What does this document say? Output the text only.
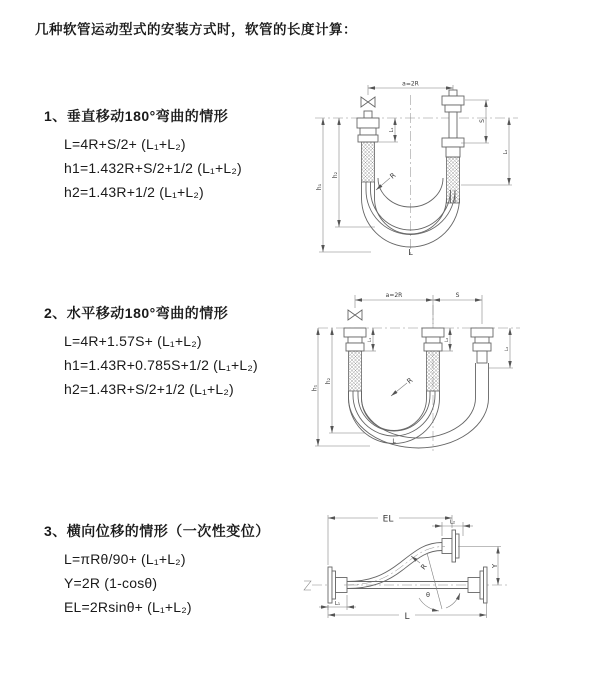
几种软管运动型式的安装方式时，软管的长度计算：
1、垂直移动180°弯曲的情形
L=4R+S/2+ (L₁+L₂)
h1=1.432R+S/2+1/2 (L₁+L₂)
h2=1.43R+1/2 (L₁+L₂)
2、水平移动180°弯曲的情形
L=4R+1.57S+ (L₁+L₂)
h1=1.43R+0.785S+1/2 (L₁+L₂)
h2=1.43R+S/2+1/2 (L₁+L₂)
3、横向位移的情形（一次性变位）
L=πRθ/90+ (L₁+L₂)
Y=2R (1-cosθ)
EL=2Rsinθ+ (L₁+L₂)
a=2R
h₁
h₂
L₁
S
L₂
R
L
a=2R	S
h₁
h₂
L₁	L₂
L₂
R
L
EL	L₂
Y
R
θ
L₁
L
